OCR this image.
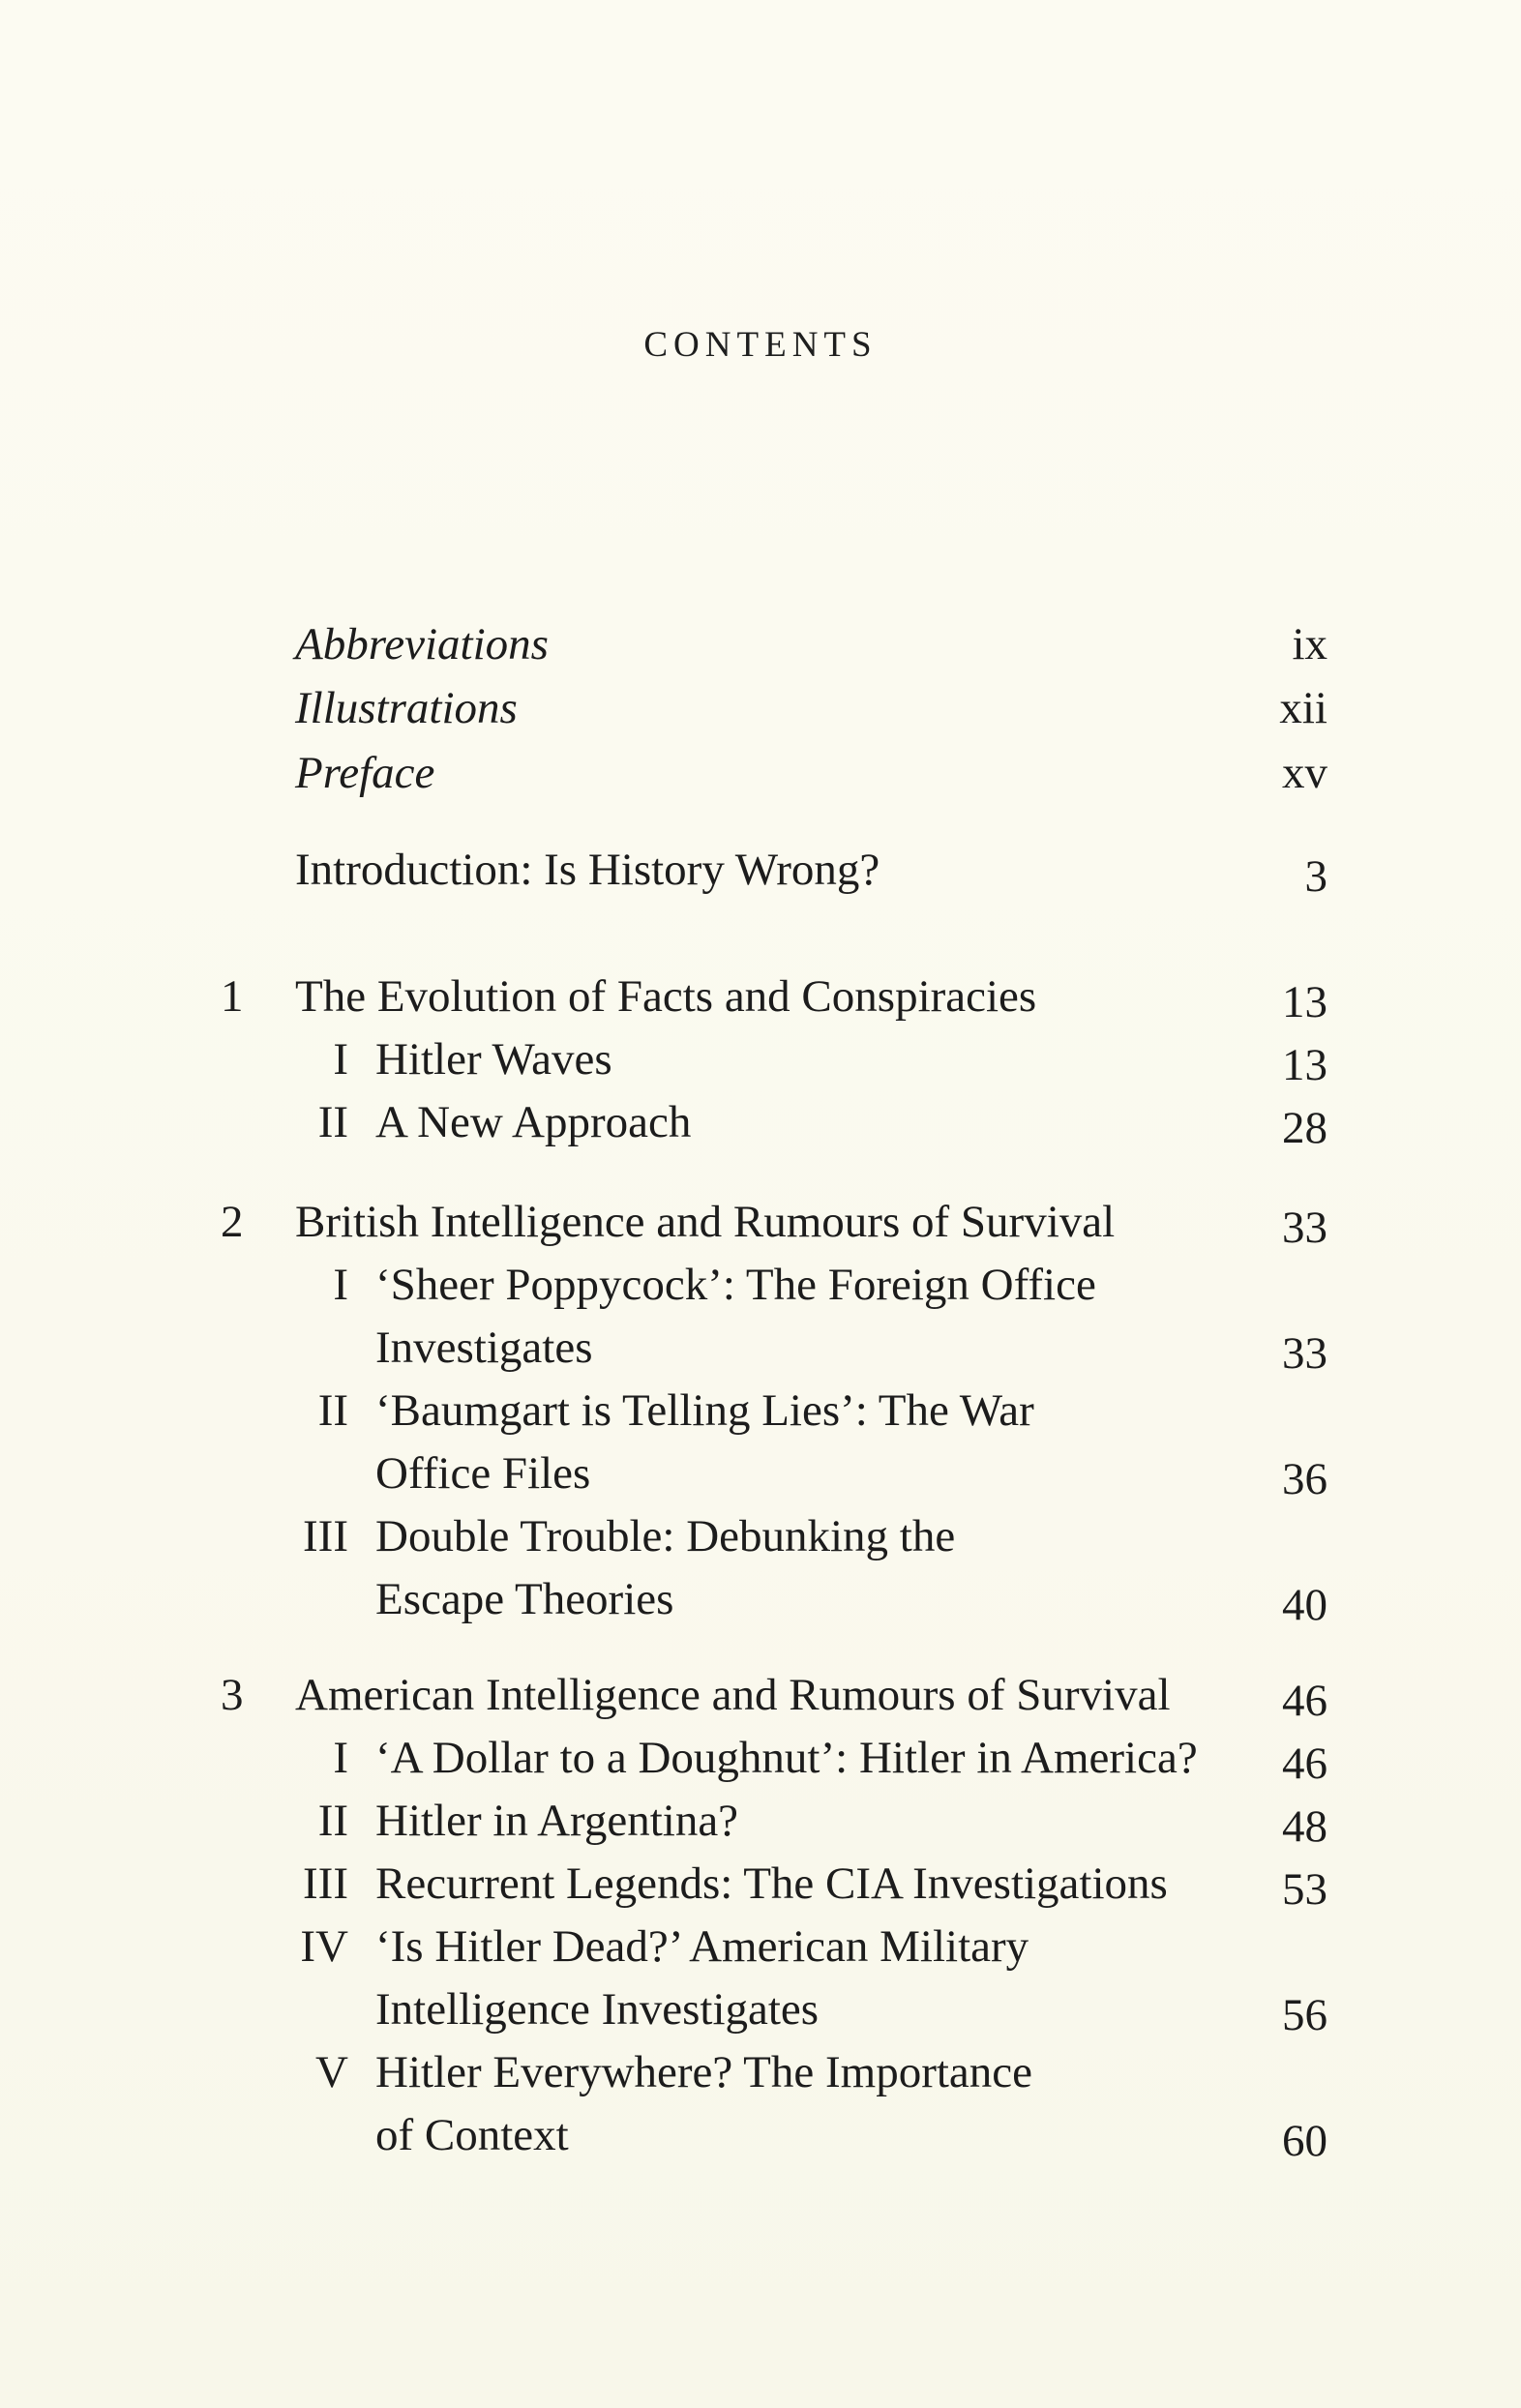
CONTENTS
Abbreviations	ix
Illustrations	xii
Preface	xv
Introduction: Is History Wrong?	3
1	The Evolution of Facts and Conspiracies	13
I Hitler Waves	13
II A New Approach	28
2	British Intelligence and Rumours of Survival	33
I ‘Sheer Poppycock’: The Foreign Office
Investigates	33
II ‘Baumgart is Telling Lies’: The War
Office Files	36
III Double Trouble: Debunking the
Escape Theories	40
3	American Intelligence and Rumours of Survival	46
I ‘A Dollar to a Doughnut’: Hitler in America?	46
II Hitler in Argentina?	48
III Recurrent Legends: The CIA Investigations	53
IV ‘Is Hitler Dead?’ American Military
Intelligence Investigates	56
V Hitler Everywhere? The Importance
of Context	60
